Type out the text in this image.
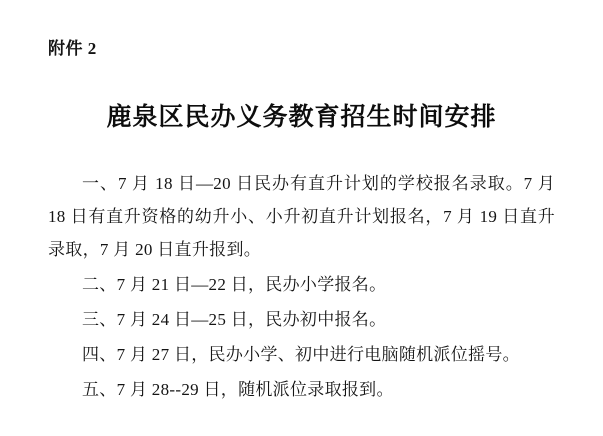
附件 2
鹿泉区民办义务教育招生时间安排

一、7 月 18 日—20 日民办有直升计划的学校报名录取。7 月 18 日有直升资格的幼升小、小升初直升计划报名，7 月 19 日直升录取，7 月 20 日直升报到。

二、7 月 21 日—22 日，民办小学报名。

三、7 月 24 日—25 日，民办初中报名。

四、7 月 27 日，民办小学、初中进行电脑随机派位摇号。

五、7 月 28--29 日，随机派位录取报到。
